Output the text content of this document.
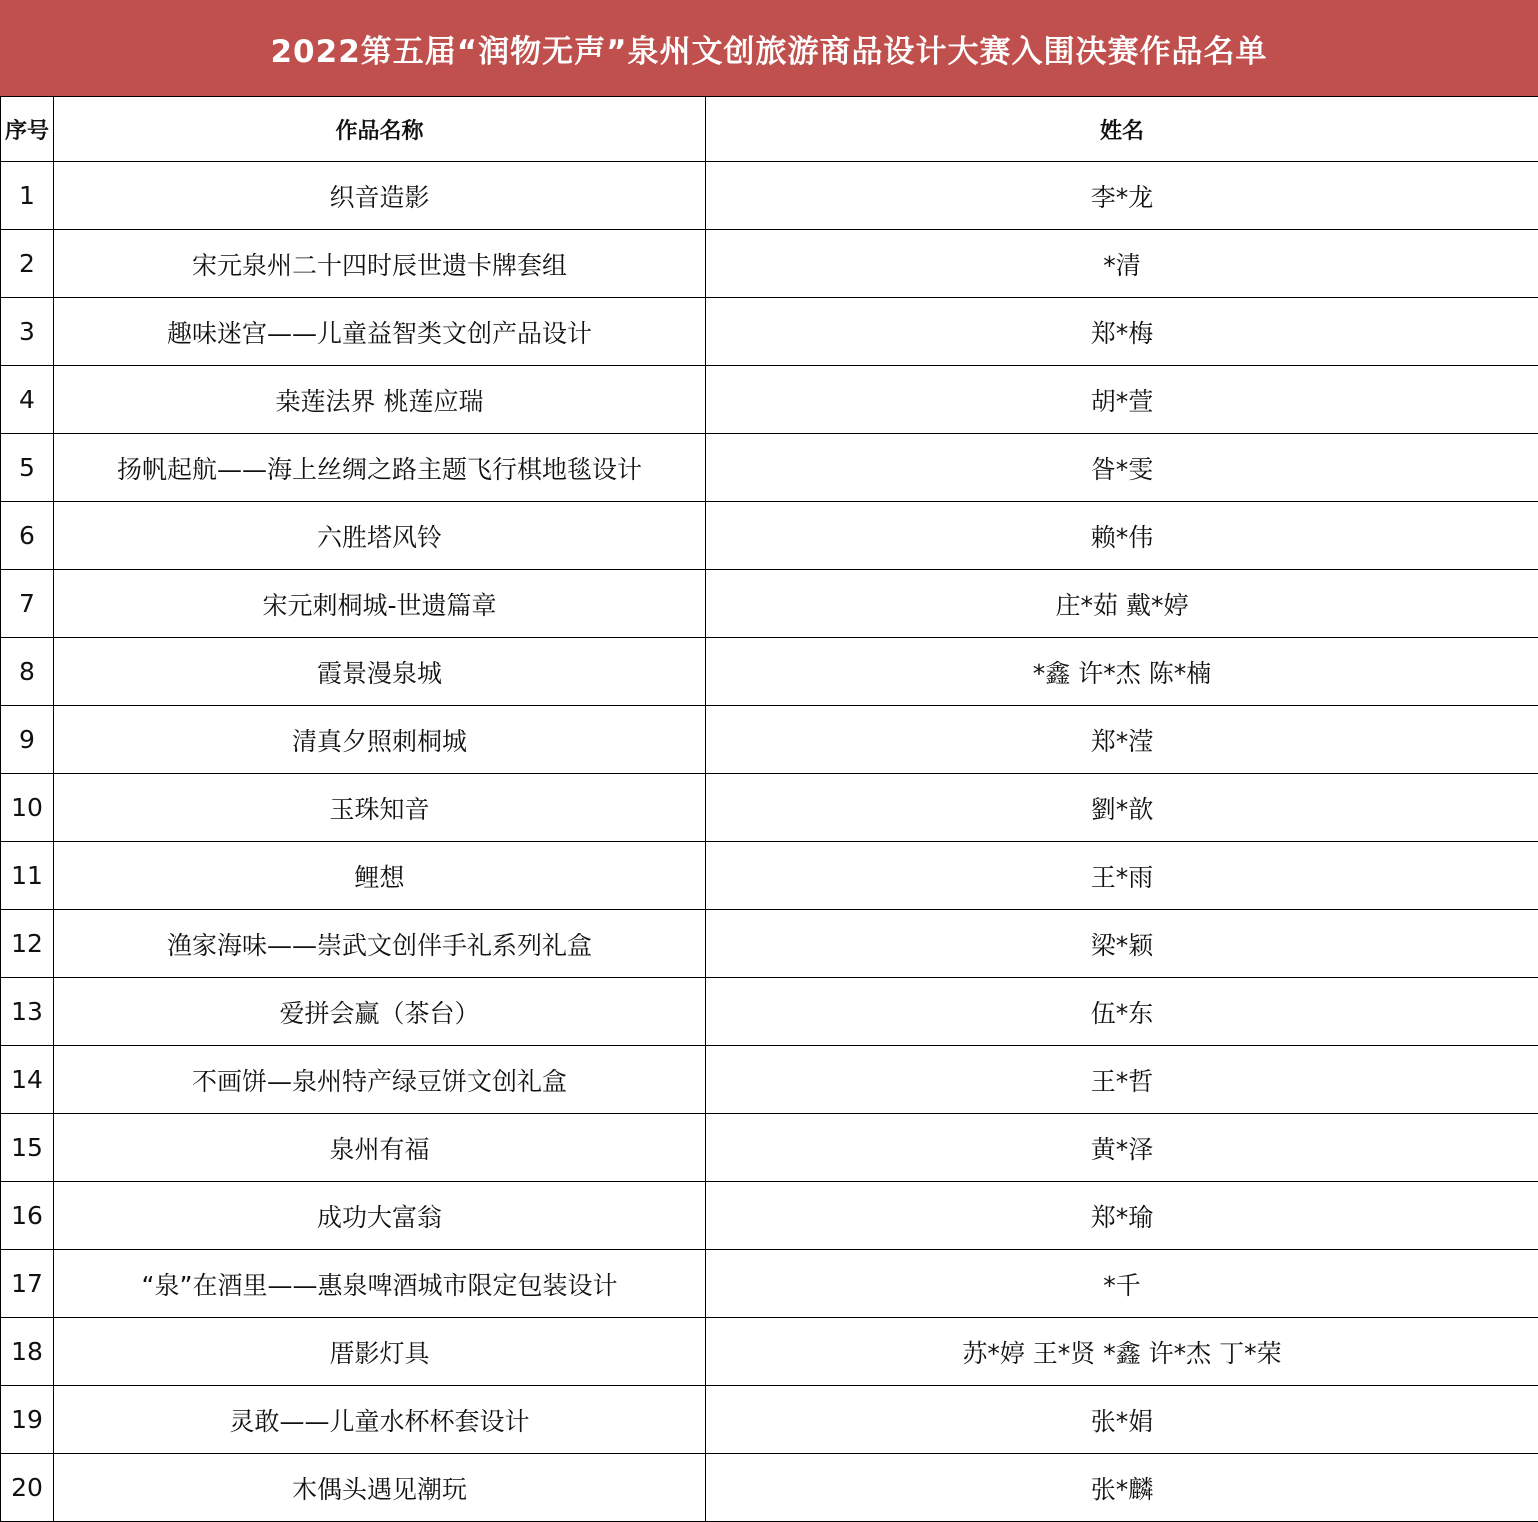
2022第五届“润物无声”泉州文创旅游商品设计大赛入围决赛作品名单
序号	作品名称	姓名
1	织音造影	李*龙
2	宋元泉州二十四时辰世遗卡牌套组	*清
3	趣味迷宫——儿童益智类文创产品设计	郑*梅
4	桒莲法界 桃莲应瑞	胡*萱
5	扬帆起航——海上丝绸之路主题飞行棋地毯设计	昝*雯
6	六胜塔风铃	赖*伟
7	宋元刺桐城-世遗篇章	庄*茹 戴*婷
8	霞景漫泉城	*鑫 许*杰 陈*楠
9	清真夕照刺桐城	郑*滢
10	玉珠知音	劉*歆
11	鲤想	王*雨
12	渔家海味——崇武文创伴手礼系列礼盒	梁*颖
13	爱拼会赢（茶台）	伍*东
14	不画饼—泉州特产绿豆饼文创礼盒	王*哲
15	泉州有福	黄*泽
16	成功大富翁	郑*瑜
17	“泉”在酒里——惠泉啤酒城市限定包装设计	*千
18	厝影灯具	苏*婷 王*贤 *鑫 许*杰 丁*荣
19	灵敢——儿童水杯杯套设计	张*娟
20	木偶头遇见潮玩	张*麟
